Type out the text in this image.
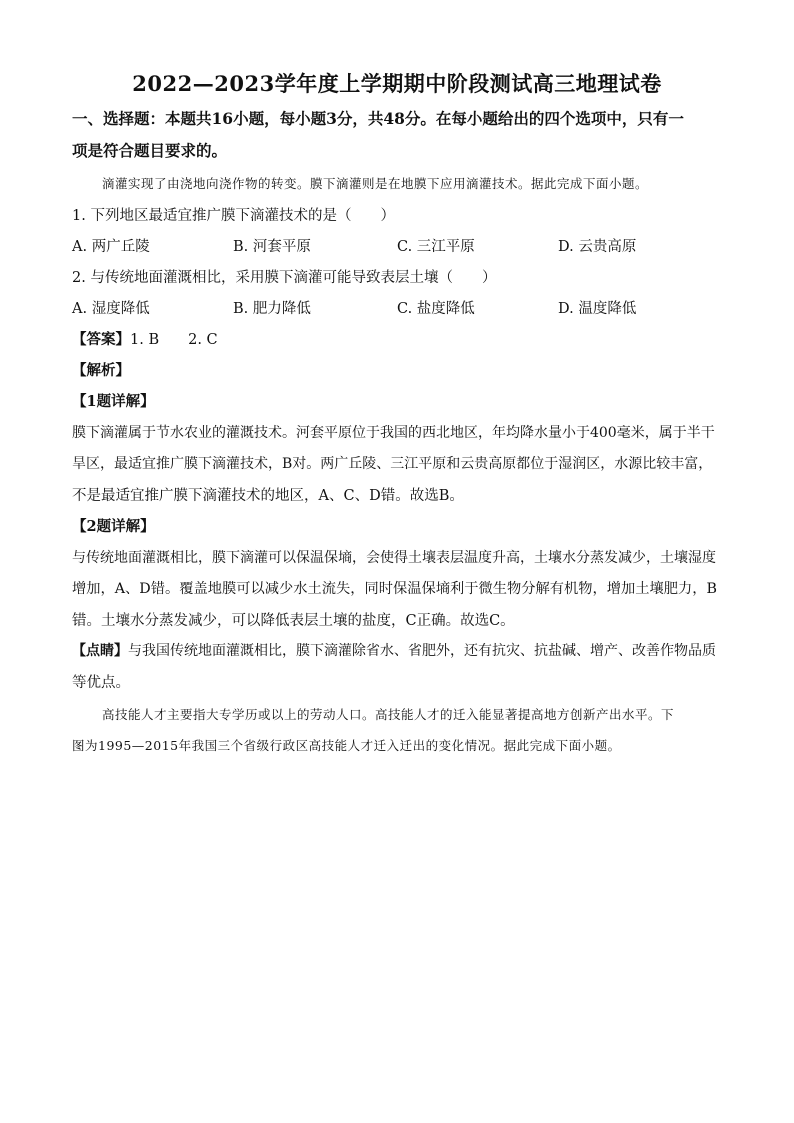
2022—2023学年度上学期期中阶段测试高三地理试卷
一、选择题：本题共16小题，每小题3分，共48分。在每小题给出的四个选项中，只有一
项是符合题目要求的。
滴灌实现了由浇地向浇作物的转变。膜下滴灌则是在地膜下应用滴灌技术。据此完成下面小题。
1. 下列地区最适宜推广膜下滴灌技术的是（　　）
A. 两广丘陵	B. 河套平原	C. 三江平原	D. 云贵高原
2. 与传统地面灌溉相比，采用膜下滴灌可能导致表层土壤（　　）
A. 湿度降低	B. 肥力降低	C. 盐度降低	D. 温度降低
【答案】1. B　　2. C
【解析】
【1题详解】
膜下滴灌属于节水农业的灌溉技术。河套平原位于我国的西北地区，年均降水量小于400毫米，属于半干
旱区，最适宜推广膜下滴灌技术，B对。两广丘陵、三江平原和云贵高原都位于湿润区，水源比较丰富，
不是最适宜推广膜下滴灌技术的地区，A、C、D错。故选B。
【2题详解】
与传统地面灌溉相比，膜下滴灌可以保温保墒，会使得土壤表层温度升高，土壤水分蒸发减少，土壤湿度
增加，A、D错。覆盖地膜可以减少水土流失，同时保温保墒利于微生物分解有机物，增加土壤肥力，B
错。土壤水分蒸发减少，可以降低表层土壤的盐度，C正确。故选C。
【点睛】与我国传统地面灌溉相比，膜下滴灌除省水、省肥外，还有抗灾、抗盐碱、增产、改善作物品质
等优点。
高技能人才主要指大专学历或以上的劳动人口。高技能人才的迁入能显著提高地方创新产出水平。下
图为1995—2015年我国三个省级行政区高技能人才迁入迁出的变化情况。据此完成下面小题。
